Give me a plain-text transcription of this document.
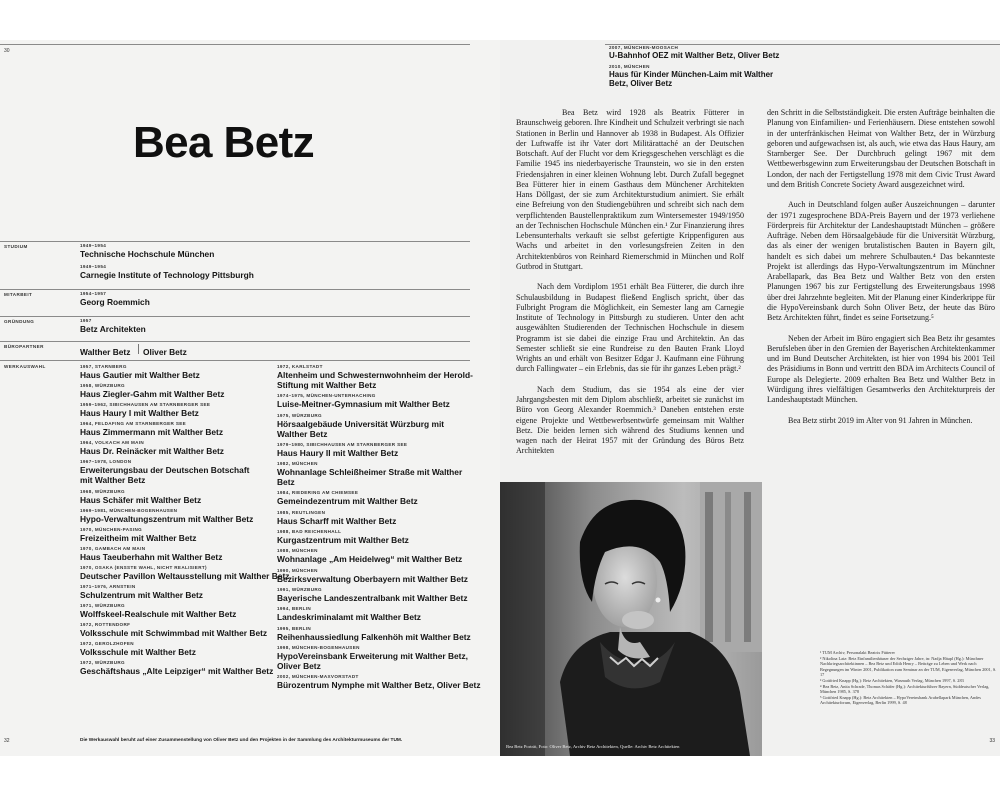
30
Bea Betz
STUDIUM	1949–1954
Technische Hochschule München
1949–1954
Carnegie Institute of Technology Pittsburgh
MITARBEIT	1954–1957
Georg Roemmich
GRÜNDUNG	1957
Betz Architekten
BÜROPARTNER
Walther Betz Oliver Betz
WERKAUSWAHL	1957, STARNBERG
Haus Gautier mit Walther Betz
1958, WÜRZBURG
Haus Ziegler-Gahm mit Walther Betz
1959–1962, SIBICHHAUSEN AM STARNBERGER SEE
Haus Haury I mit Walther Betz
1964, FELDAFING AM STARNBERGER SEE
Haus Zimmermann mit Walther Betz
1964, VOLKACH AM MAIN
Haus Dr. Reinäcker mit Walther Betz
1967–1978, LONDON
Erweiterungsbau der Deutschen Botschaft mit Walther Betz
1968, WÜRZBURG
Haus Schäfer mit Walther Betz
1969–1981, MÜNCHEN-BOGENHAUSEN
Hypo-Verwaltungszentrum mit Walther Betz
1970, MÜNCHEN-PASING
Freizeitheim mit Walther Betz
1970, GAMBACH AM MAIN
Haus Taeuberhahn mit Walther Betz
1970, OSAKA (ENSSTE WAHL, NICHT REALISIERT)
Deutscher Pavillon Weltausstellung mit Walther Betz
1971–1976, ARNSTEIN
Schulzentrum mit Walther Betz
1971, WÜRZBURG
Wolffskeel-Realschule mit Walther Betz
1972, ROTTENDORF
Volksschule mit Schwimmbad mit Walther Betz
1972, GEROLZHOFEN
Volksschule mit Walther Betz
1972, WÜRZBURG
Geschäftshaus „Alte Leipziger“ mit Walther Betz
1972, KARLSTADT
Altenheim und Schwesternwohnheim der Herold-Stiftung mit Walther Betz
1974–1975, MÜNCHEN-UNTERHACHING
Luise-Meitner-Gymnasium mit Walther Betz
1975, WÜRZBURG
Hörsaalgebäude Universität Würzburg mit Walther Betz
1979–1980, SIBICHHAUSEN AM STARNBERGER SEE
Haus Haury II mit Walther Betz
1982, MÜNCHEN
Wohnanlage Schleißheimer Straße mit Walther Betz
1984, RIEDERING AM CHIEMSEE
Gemeindezentrum mit Walther Betz
1985, REUTLINGEN
Haus Scharff mit Walther Betz
1988, BAD REICHENHALL
Kurgastzentrum mit Walther Betz
1988, MÜNCHEN
Wohnanlage „Am Heidelweg“ mit Walther Betz
1990, MÜNCHEN
Bezirksverwaltung Oberbayern mit Walther Betz
1991, WÜRZBURG
Bayerische Landeszentralbank mit Walther Betz
1994, BERLIN
Landeskriminalamt mit Walther Betz
1995, BERLIN
Reihenhaussiedlung Falkenhöh mit Walther Betz
1998, MÜNCHEN-BOGENHAUSEN
HypoVereinsbank Erweiterung mit Walther Betz, Oliver Betz
2002, MÜNCHEN-MAXVORSTADT
Bürozentrum Nymphe mit Walther Betz, Oliver Betz
32	Die Werkauswahl beruht auf einer Zusammenstellung von Oliver Betz und den Projekten in der Sammlung des Architekturmuseums der TUM.
2007, MÜNCHEN-MOOSACH
U-Bahnhof OEZ mit Walther Betz, Oliver Betz
2010, MÜNCHEN
Haus für Kinder München-Laim mit Walther Betz, Oliver Betz

Bea Betz wird 1928 als Beatrix Fütterer in Braunschweig geboren. Ihre Kindheit und Schulzeit verbringt sie nach Stationen in Berlin und Hannover ab 1938 in Budapest. Als Offizier der Luftwaffe ist ihr Vater dort Militärattaché an der Deutschen Botschaft. Auf der Flucht vor dem Kriegsgeschehen verschlägt es die Familie 1945 ins niederbayerische Traunstein, wo sie in den ersten Friedensjahren in einer kleinen Wohnung lebt. Durch Zufall begegnet Bea Fütterer hier in einem Gasthaus dem Münchener Architekten Hans Döllgast, der sie zum Architekturstudium animiert. Sie erhält eine Befreiung von den Studiengebühren und schreibt sich nach dem verpflichtenden Baustellenpraktikum zum Wintersemester 1949/1950 an der Technischen Hochschule München ein.¹ Zur Finanzierung ihres Lebensunterhalts verkauft sie selbst gefertigte Krippenfiguren aus Wachs und arbeitet in den vorlesungsfreien Zeiten in den Architektenbüros von Reinhard Riemerschmid in München und Rolf Gutbrod in Stuttgart.

Nach dem Vordiplom 1951 erhält Bea Fütterer, die durch ihre Schulausbildung in Budapest fließend Englisch spricht, über das Fulbright Program die Möglichkeit, ein Semester lang am Carnegie Institute of Technology in Pittsburgh zu studieren. Unter den acht ausgewählten Studierenden der Technischen Hochschule in diesem Programm ist sie dabei die einzige Frau und Architektin. An das Semester schließt sie eine Rundreise zu den Bauten Frank Lloyd Wrights an und erhält von Besitzer Edgar J. Kaufmann eine Führung durch Fallingwater – ein Erlebnis, das sie für ihr ganzes Leben prägt.²

Nach dem Studium, das sie 1954 als eine der vier Jahrgangsbesten mit dem Diplom abschließt, arbeitet sie zunächst im Büro von Georg Alexander Roemmich.³ Daneben entstehen erste eigene Projekte und Wettbewerbsentwürfe gemeinsam mit Walther Betz. Die beiden lernen sich während des Studiums kennen und wagen nach der Heirat 1957 mit der Gründung des Büros Betz Architekten

den Schritt in die Selbstständigkeit. Die ersten Aufträge beinhalten die Planung von Einfamilien- und Ferienhäusern. Diese entstehen sowohl in der unterfränkischen Heimat von Walther Betz, der in Würzburg geboren und aufgewachsen ist, als auch, wie etwa das Haus Haury, am Starnberger See. Der Durchbruch gelingt 1967 mit dem Wettbewerbsgewinn zum Erweiterungsbau der Deutschen Botschaft in London, der nach der Fertigstellung 1978 mit dem Civic Trust Award und dem British Concrete Society Award ausgezeichnet wird.

Auch in Deutschland folgen außer Auszeichnungen – darunter der 1971 zugesprochene BDA-Preis Bayern und der 1973 verliehene Förderpreis für Architektur der Landeshauptstadt München – größere Aufträge. Neben dem Hörsaalgebäude für die Universität Würzburg, das als einer der wenigen brutalistischen Bauten in Bayern gilt, handelt es sich dabei um mehrere Schulbauten.⁴ Das bekannteste Projekt ist allerdings das Hypo-Verwaltungszentrum im Münchner Arabellapark, das Bea Betz und Walther Betz von den ersten Planungen 1967 bis zur Fertigstellung des Erweiterungsbaus 1998 über drei Jahrzehnte begleiten. Mit der Planung einer Kinderkrippe für die HypoVereinsbank durch Sohn Oliver Betz, der heute das Büro Betz Architekten führt, findet es seine Fortsetzung.⁵

Neben der Arbeit im Büro engagiert sich Bea Betz ihr gesamtes Berufsleben über in den Gremien der Bayerischen Architektenkammer und im Bund Deutscher Architekten, ist hier von 1994 bis 2001 Teil des Präsidiums in Bonn und vertritt den BDA im Architects Council of Europe als Delegierte. 2009 erhalten Bea Betz und Walther Betz in Würdigung ihres vielfältigen Gesamtwerks den Architekturpreis der Landeshauptstadt München.

Bea Betz stirbt 2019 im Alter von 91 Jahren in München.

Bea Betz Porträt, Foto: Oliver Betz, Archiv Betz Architekten, Quelle: Archiv Betz Architekten
¹ TUM Archiv, Personalakt Beatrix Fütterer
² Nikolina Latz: Betz Einfamilienhäuser der Sechziger Jahre, in: Nadja Häupl (Hg.): Münchner Nachkriegsarchitektinnen – Bea Betz und Edith Henry – Beiträge zu Leben und Werk nach Begegnungen im Winter 2001, Publikation zum Seminar an der TUM, Eigenverlag, München 2001, S. 17
³ Gottfried Knapp (Hg.): Betz Architekten, Wasmuth Verlag, München 1997, S. 283
⁴ Bea Betz, Anita Schrade, Thomas Schäfer (Hg.): Architekturführer Bayern, Süddeutscher Verlag, München 1985, S. 378
⁵ Gottfried Knapp (Hg.): Betz Architekten – HypoVereinsbank Arabellapark München, Andes Architekturforum, Eigenverlag, Berlin 1999, S. 48
33
